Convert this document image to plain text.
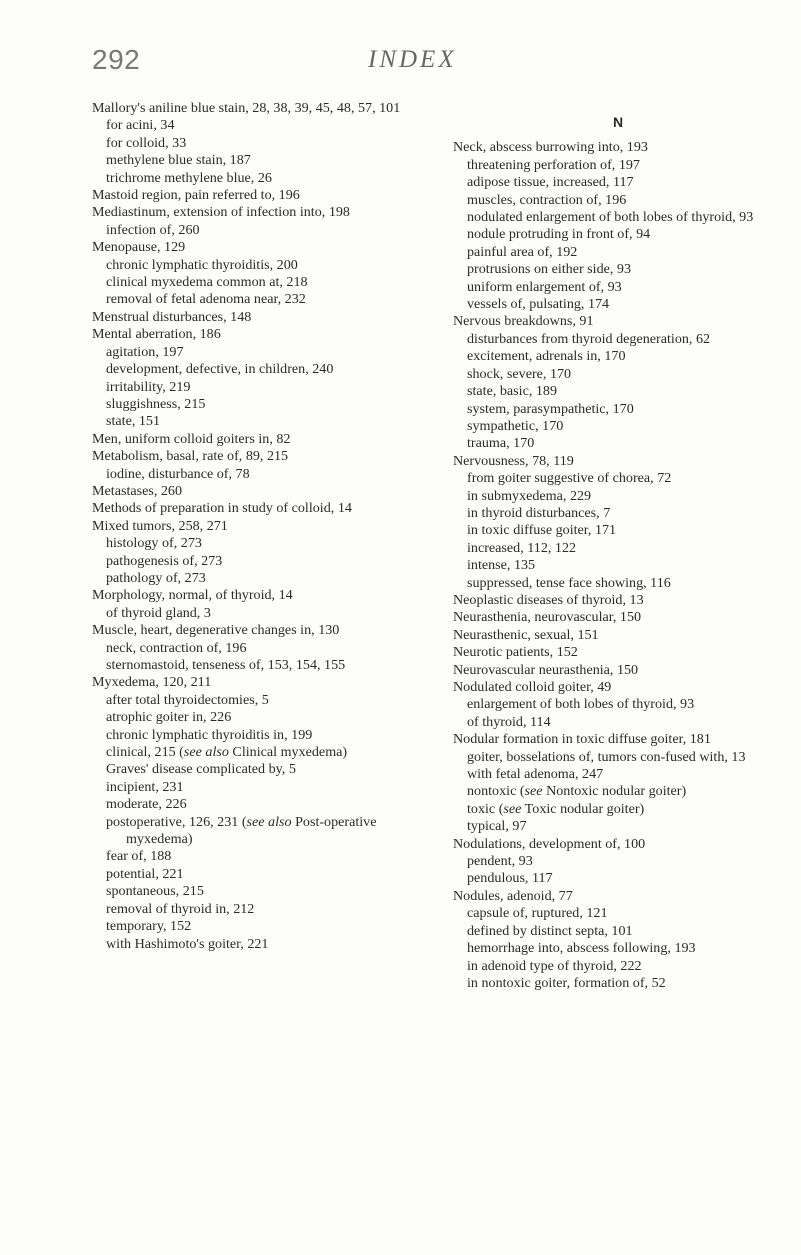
292	INDEX
Mallory's aniline blue stain, 28, 38, 39, 45, 48, 57, 101
for acini, 34
for colloid, 33
methylene blue stain, 187
trichrome methylene blue, 26
Mastoid region, pain referred to, 196
Mediastinum, extension of infection into, 198
infection of, 260
Menopause, 129
chronic lymphatic thyroiditis, 200
clinical myxedema common at, 218
removal of fetal adenoma near, 232
Menstrual disturbances, 148
Mental aberration, 186
agitation, 197
development, defective, in children, 240
irritability, 219
sluggishness, 215
state, 151
Men, uniform colloid goiters in, 82
Metabolism, basal, rate of, 89, 215
iodine, disturbance of, 78
Metastases, 260
Methods of preparation in study of colloid, 14
Mixed tumors, 258, 271
histology of, 273
pathogenesis of, 273
pathology of, 273
Morphology, normal, of thyroid, 14
of thyroid gland, 3
Muscle, heart, degenerative changes in, 130
neck, contraction of, 196
sternomastoid, tenseness of, 153, 154, 155
Myxedema, 120, 211
after total thyroidectomies, 5
atrophic goiter in, 226
chronic lymphatic thyroiditis in, 199
clinical, 215 (see also Clinical myxedema)
Graves' disease complicated by, 5
incipient, 231
moderate, 226
postoperative, 126, 231 (see also Post-operative myxedema)
fear of, 188
potential, 221
spontaneous, 215
removal of thyroid in, 212
temporary, 152
with Hashimoto's goiter, 221
N
Neck, abscess burrowing into, 193
threatening perforation of, 197
adipose tissue, increased, 117
muscles, contraction of, 196
nodulated enlargement of both lobes of thyroid, 93
nodule protruding in front of, 94
painful area of, 192
protrusions on either side, 93
uniform enlargement of, 93
vessels of, pulsating, 174
Nervous breakdowns, 91
disturbances from thyroid degeneration, 62
excitement, adrenals in, 170
shock, severe, 170
state, basic, 189
system, parasympathetic, 170
sympathetic, 170
trauma, 170
Nervousness, 78, 119
from goiter suggestive of chorea, 72
in submyxedema, 229
in thyroid disturbances, 7
in toxic diffuse goiter, 171
increased, 112, 122
intense, 135
suppressed, tense face showing, 116
Neoplastic diseases of thyroid, 13
Neurasthenia, neurovascular, 150
Neurasthenic, sexual, 151
Neurotic patients, 152
Neurovascular neurasthenia, 150
Nodulated colloid goiter, 49
enlargement of both lobes of thyroid, 93
of thyroid, 114
Nodular formation in toxic diffuse goiter, 181
goiter, bosselations of, tumors con-fused with, 13
with fetal adenoma, 247
nontoxic (see Nontoxic nodular goiter)
toxic (see Toxic nodular goiter)
typical, 97
Nodulations, development of, 100
pendent, 93
pendulous, 117
Nodules, adenoid, 77
capsule of, ruptured, 121
defined by distinct septa, 101
hemorrhage into, abscess following, 193
in adenoid type of thyroid, 222
in nontoxic goiter, formation of, 52
